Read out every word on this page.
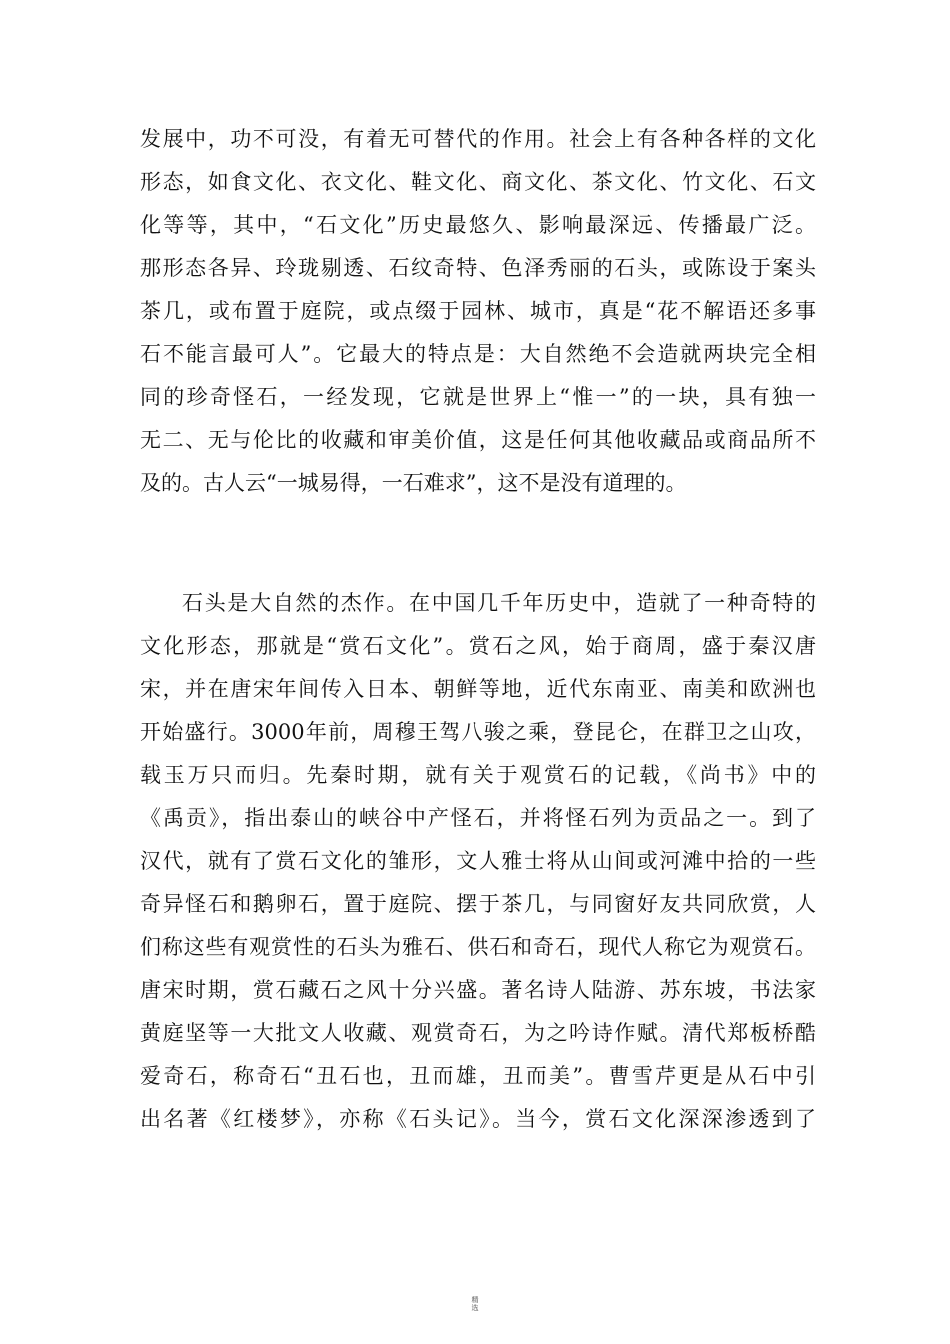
发展中，功不可没，有着无可替代的作用。社会上有各种各样的文化
形态，如食文化、衣文化、鞋文化、商文化、茶文化、竹文化、石文
化等等，其中，“石文化”历史最悠久、影响最深远、传播最广泛。
那形态各异、玲珑剔透、石纹奇特、色泽秀丽的石头，或陈设于案头
茶几，或布置于庭院，或点缀于园林、城市，真是“花不解语还多事
石不能言最可人”。它最大的特点是：大自然绝不会造就两块完全相
同的珍奇怪石，一经发现，它就是世界上“惟一”的一块，具有独一
无二、无与伦比的收藏和审美价值，这是任何其他收藏品或商品所不
及的。古人云“一城易得，一石难求”，这不是没有道理的。
石头是大自然的杰作。在中国几千年历史中，造就了一种奇特的
文化形态，那就是“赏石文化”。赏石之风，始于商周，盛于秦汉唐
宋，并在唐宋年间传入日本、朝鲜等地，近代东南亚、南美和欧洲也
开始盛行。3000年前，周穆王驾八骏之乘，登昆仑，在群卫之山攻，
载玉万只而归。先秦时期，就有关于观赏石的记载，《尚书》中的
《禹贡》，指出泰山的峡谷中产怪石，并将怪石列为贡品之一。到了
汉代，就有了赏石文化的雏形，文人雅士将从山间或河滩中拾的一些
奇异怪石和鹅卵石，置于庭院、摆于茶几，与同窗好友共同欣赏，人
们称这些有观赏性的石头为雅石、供石和奇石，现代人称它为观赏石。
唐宋时期，赏石藏石之风十分兴盛。著名诗人陆游、苏东坡，书法家
黄庭坚等一大批文人收藏、观赏奇石，为之吟诗作赋。清代郑板桥酷
爱奇石，称奇石“丑石也，丑而雄，丑而美”。曹雪芹更是从石中引
出名著《红楼梦》，亦称《石头记》。当今，赏石文化深深渗透到了
精
选
